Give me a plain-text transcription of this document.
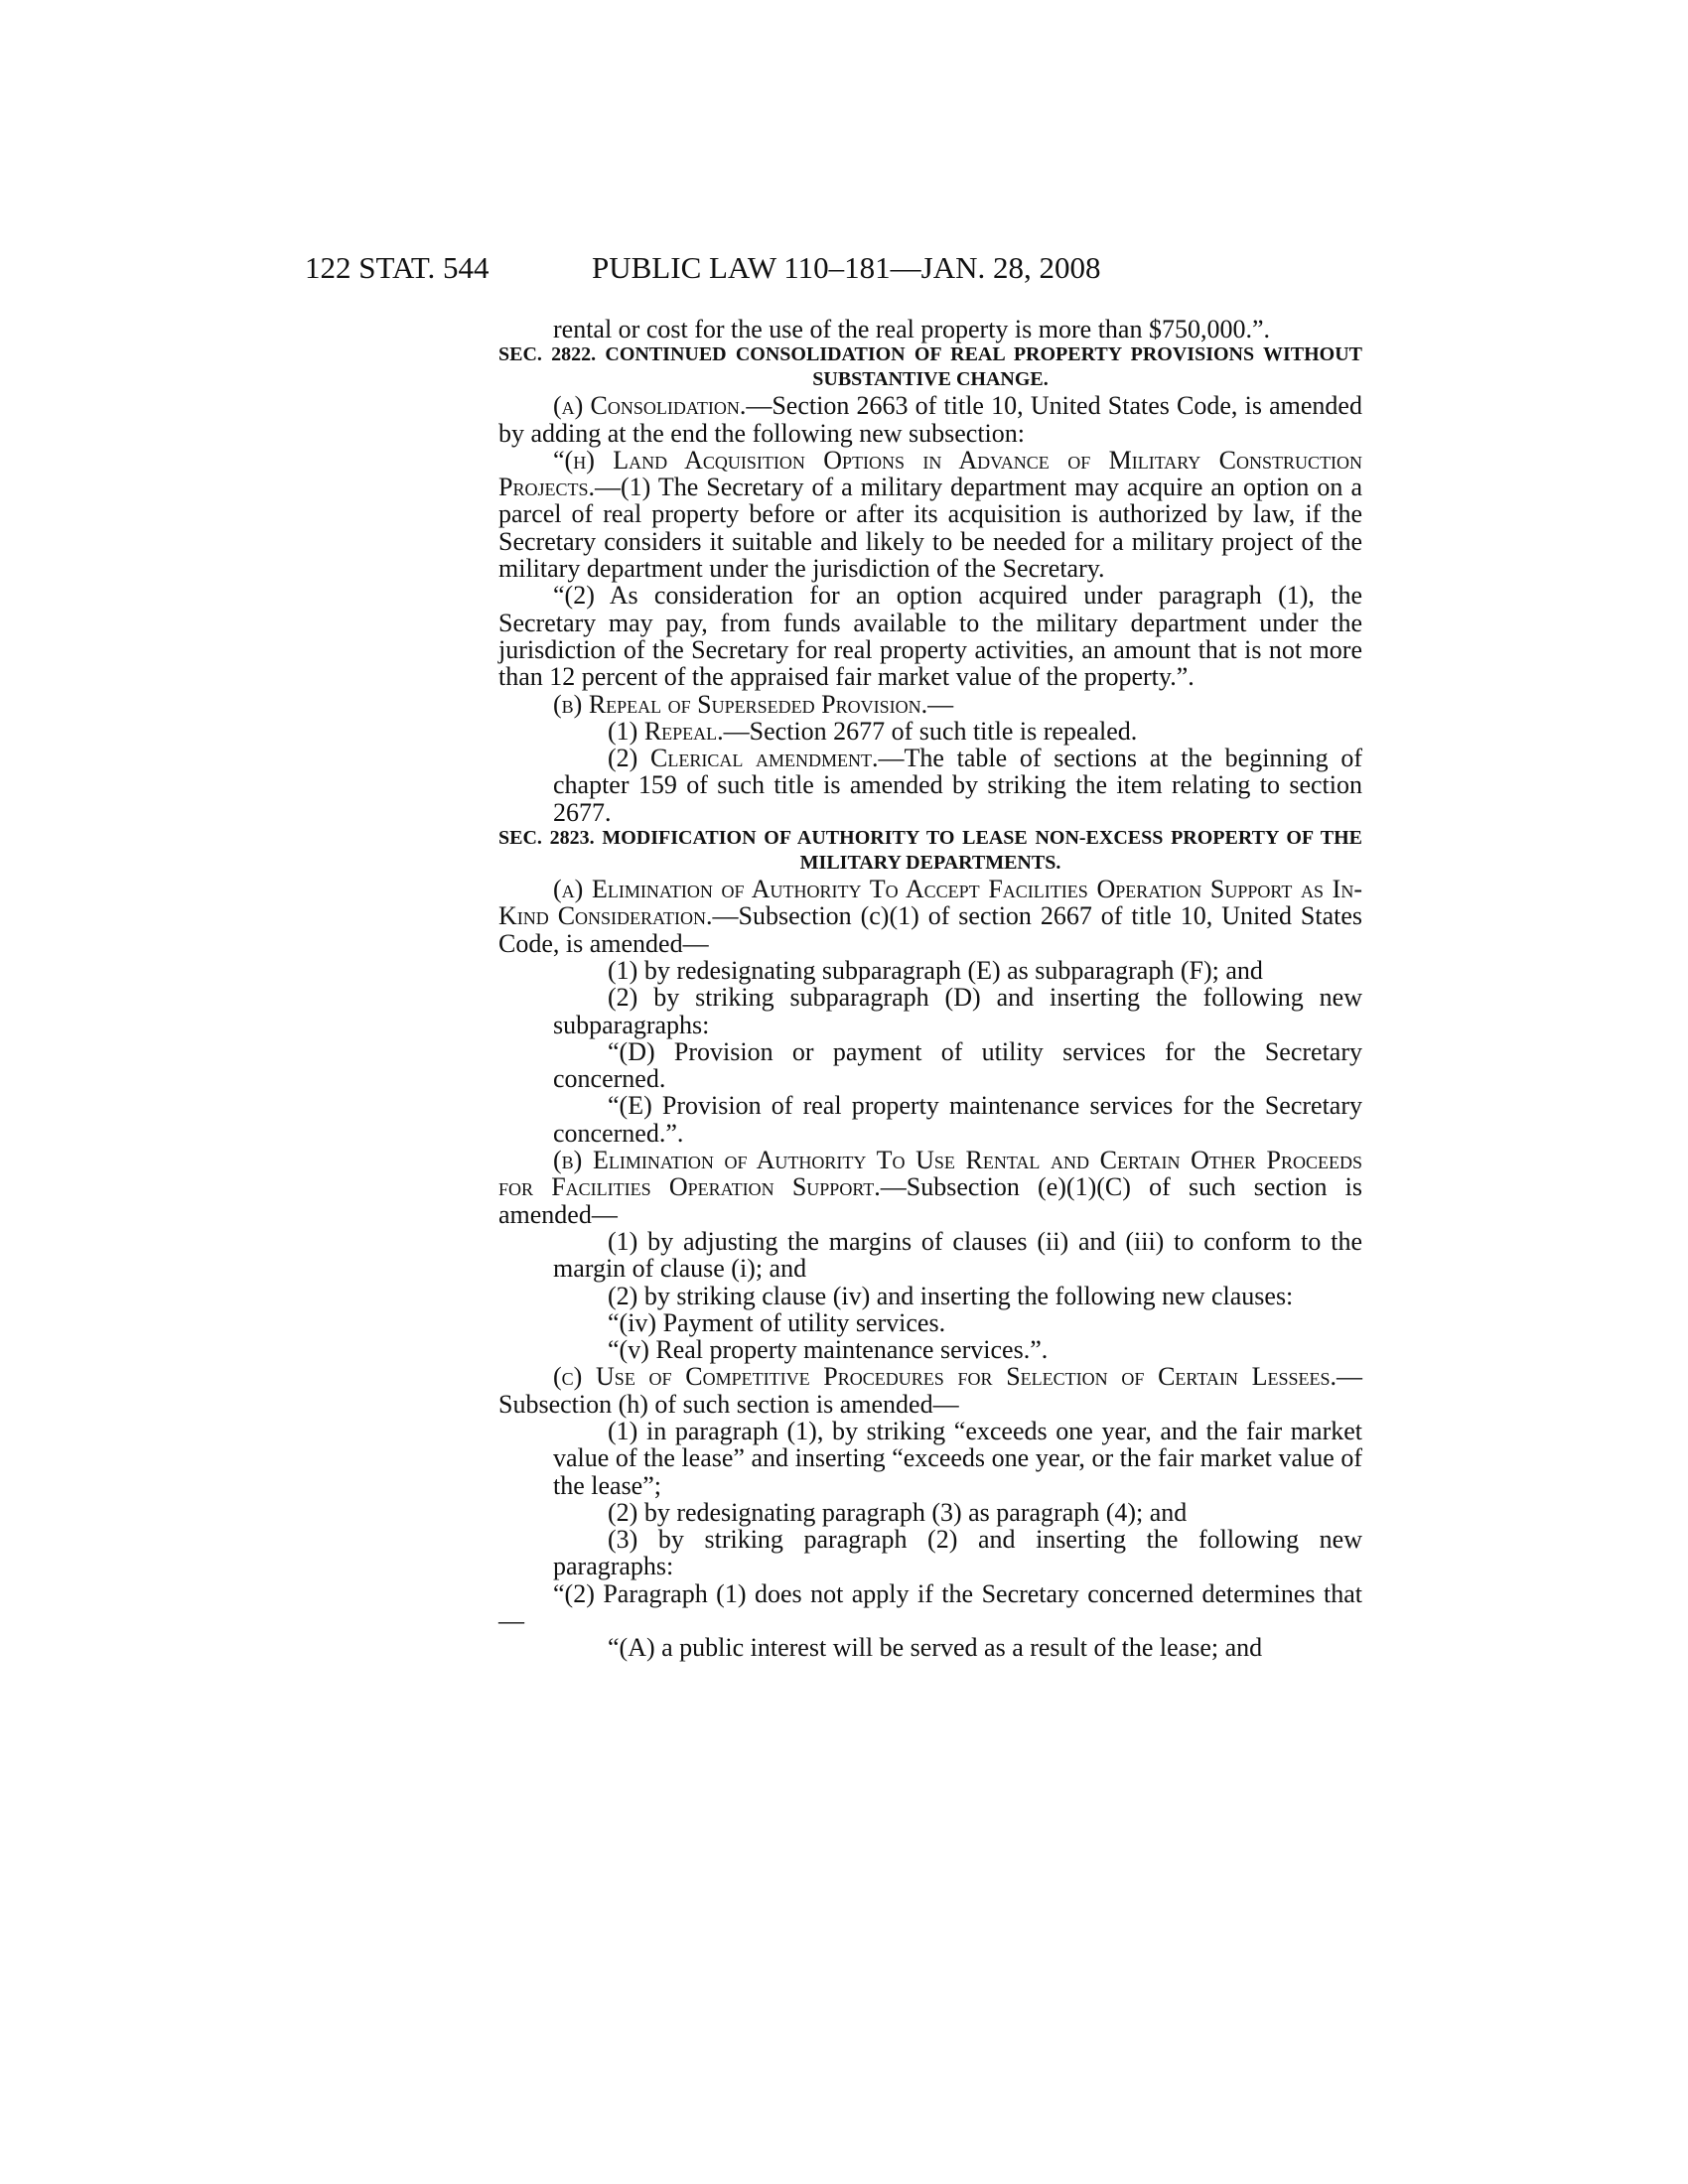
122 STAT. 544	PUBLIC LAW 110–181—JAN. 28, 2008

rental or cost for the use of the real property is more than $750,000.”.

SEC. 2822. CONTINUED CONSOLIDATION OF REAL PROPERTY PROVISIONS WITHOUT SUBSTANTIVE CHANGE.

(a) Consolidation.—Section 2663 of title 10, United States Code, is amended by adding at the end the following new subsection:

“(h) Land Acquisition Options in Advance of Military Construction Projects.—(1) The Secretary of a military department may acquire an option on a parcel of real property before or after its acquisition is authorized by law, if the Secretary considers it suitable and likely to be needed for a military project of the military department under the jurisdiction of the Secretary.

“(2) As consideration for an option acquired under paragraph (1), the Secretary may pay, from funds available to the military department under the jurisdiction of the Secretary for real property activities, an amount that is not more than 12 percent of the appraised fair market value of the property.”.

(b) Repeal of Superseded Provision.—

(1) Repeal.—Section 2677 of such title is repealed.

(2) Clerical amendment.—The table of sections at the beginning of chapter 159 of such title is amended by striking the item relating to section 2677.

SEC. 2823. MODIFICATION OF AUTHORITY TO LEASE NON-EXCESS PROPERTY OF THE MILITARY DEPARTMENTS.

(a) Elimination of Authority To Accept Facilities Operation Support as In-Kind Consideration.—Subsection (c)(1) of section 2667 of title 10, United States Code, is amended—

(1) by redesignating subparagraph (E) as subparagraph (F); and

(2) by striking subparagraph (D) and inserting the following new subparagraphs:

“(D) Provision or payment of utility services for the Secretary concerned.

“(E) Provision of real property maintenance services for the Secretary concerned.”.

(b) Elimination of Authority To Use Rental and Certain Other Proceeds for Facilities Operation Support.—Subsection (e)(1)(C) of such section is amended—

(1) by adjusting the margins of clauses (ii) and (iii) to conform to the margin of clause (i); and

(2) by striking clause (iv) and inserting the following new clauses:

“(iv) Payment of utility services.

“(v) Real property maintenance services.”.

(c) Use of Competitive Procedures for Selection of Certain Lessees.—Subsection (h) of such section is amended—

(1) in paragraph (1), by striking “exceeds one year, and the fair market value of the lease” and inserting “exceeds one year, or the fair market value of the lease”;

(2) by redesignating paragraph (3) as paragraph (4); and

(3) by striking paragraph (2) and inserting the following new paragraphs:

“(2) Paragraph (1) does not apply if the Secretary concerned determines that—

“(A) a public interest will be served as a result of the lease; and
